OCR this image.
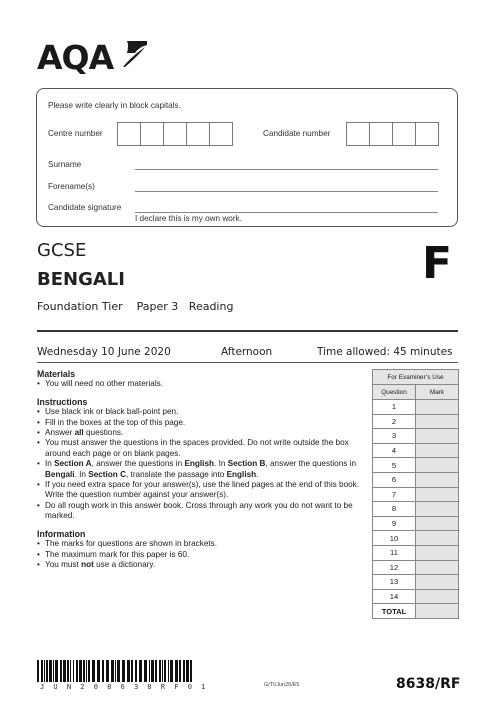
AQA
Please write clearly in block capitals.
Centre number	Candidate number
Surname
Forename(s)
Candidate signature
I declare this is my own work.
GCSE
BENGALI
Foundation Tier Paper 3 Reading
F
Wednesday 10 June 2020	Afternoon	Time allowed: 45 minutes
Materials
• You will need no other materials.
Instructions
• Use black ink or black ball-point pen.
• Fill in the boxes at the top of this page.
• Answer all questions.
• You must answer the questions in the spaces provided. Do not write outside the box around each page or on blank pages.
• In Section A, answer the questions in English. In Section B, answer the questions in Bengali. In Section C, translate the passage into English.
• If you need extra space for your answer(s), use the lined pages at the end of this book. Write the question number against your answer(s).
• Do all rough work in this answer book. Cross through any work you do not want to be marked.
Information
• The marks for questions are shown in brackets.
• The maximum mark for this paper is 60.
• You must not use a dictionary.
For Examiner’s Use	
Question	Mark
1	
2	
3	
4	
5	
6	
7	
8	
9	
10	
11	
12	
13	
14	
TOTAL	
J U N 2 0 8 6 3 8 R F 0 1	G/TI/Jun20/E5	8638/RF
